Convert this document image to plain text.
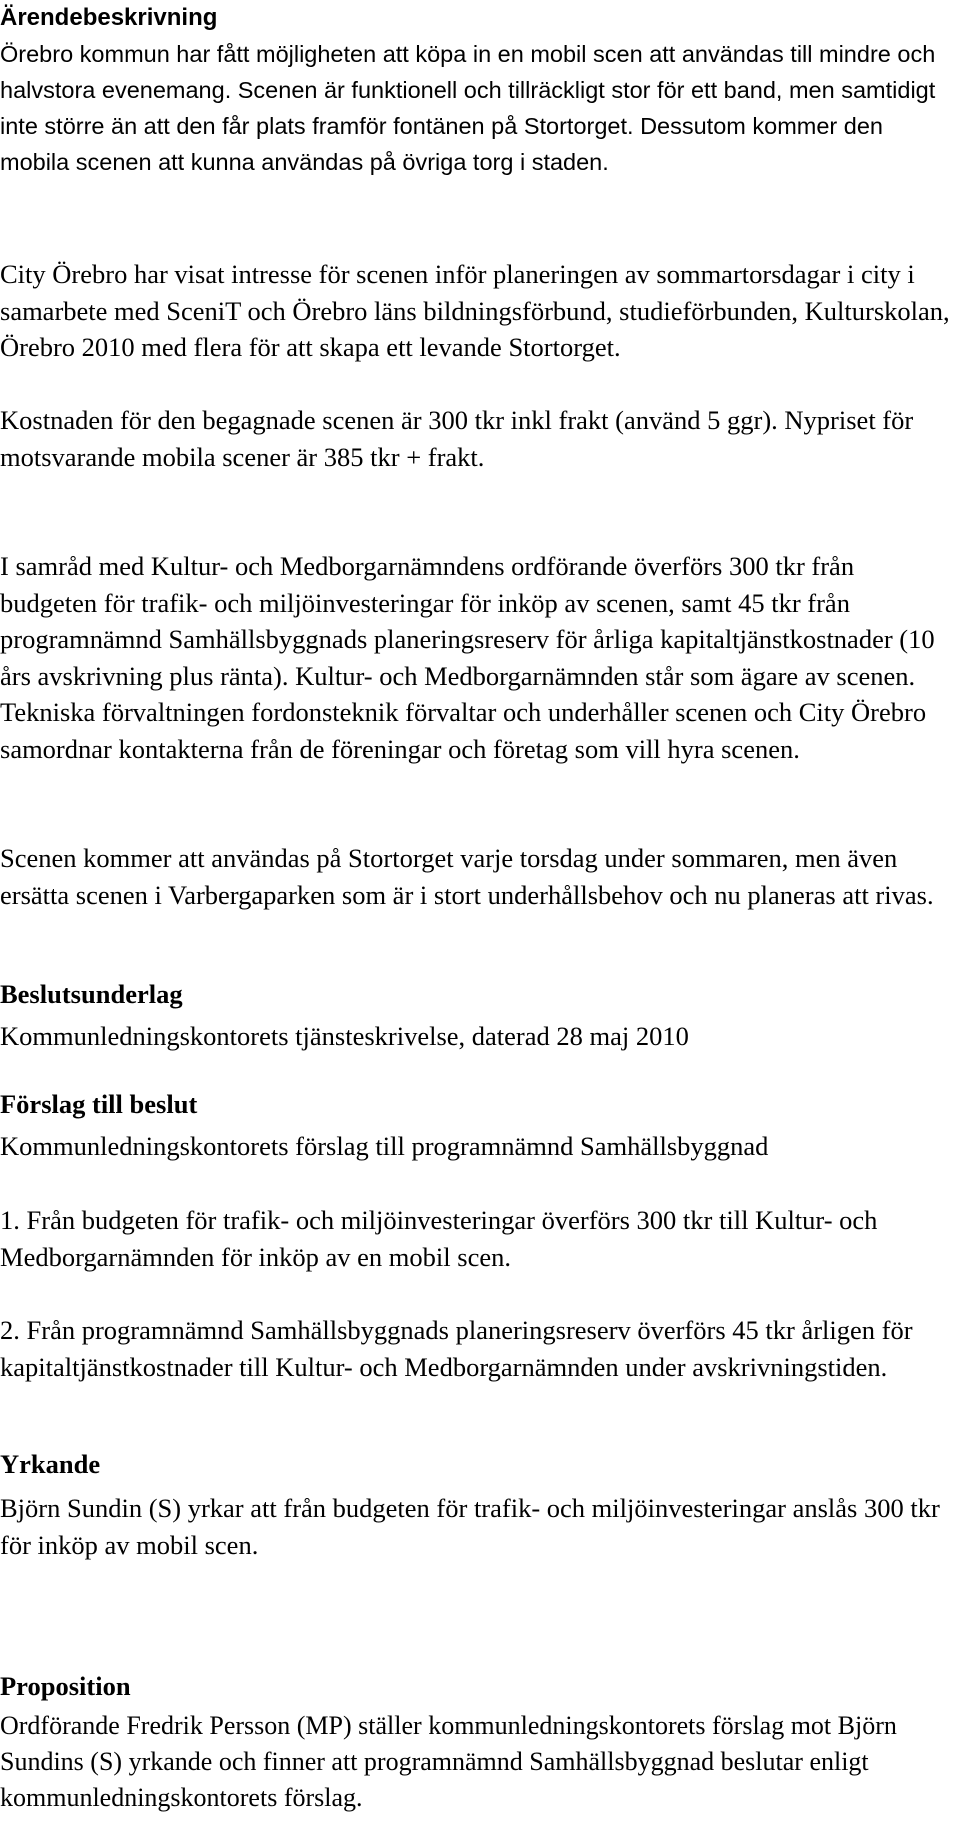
Ärendebeskrivning

Örebro kommun har fått möjligheten att köpa in en mobil scen att användas till mindre och halvstora evenemang. Scenen är funktionell och tillräckligt stor för ett band, men samtidigt inte större än att den får plats framför fontänen på Stortorget. Dessutom kommer den mobila scenen att kunna användas på övriga torg i staden.

City Örebro har visat intresse för scenen inför planeringen av sommartorsdagar i city i samarbete med SceniT och Örebro läns bildningsförbund, studieförbunden, Kulturskolan, Örebro 2010 med flera för att skapa ett levande Stortorget.

Kostnaden för den begagnade scenen är 300 tkr inkl frakt (använd 5 ggr). Nypriset för motsvarande mobila scener är 385 tkr + frakt.

I samråd med Kultur- och Medborgarnämndens ordförande överförs 300 tkr från budgeten för trafik- och miljöinvesteringar för inköp av scenen, samt 45 tkr från programnämnd Samhällsbyggnads planeringsreserv för årliga kapitaltjänstkostnader (10 års avskrivning plus ränta). Kultur- och Medborgarnämnden står som ägare av scenen. Tekniska förvaltningen fordonsteknik förvaltar och underhåller scenen och City Örebro samordnar kontakterna från de föreningar och företag som vill hyra scenen.

Scenen kommer att användas på Stortorget varje torsdag under sommaren, men även ersätta scenen i Varbergaparken som är i stort underhållsbehov och nu planeras att rivas.

Beslutsunderlag

Kommunledningskontorets tjänsteskrivelse, daterad 28 maj 2010

Förslag till beslut

Kommunledningskontorets förslag till programnämnd Samhällsbyggnad

1. Från budgeten för trafik- och miljöinvesteringar överförs 300 tkr till Kultur- och Medborgarnämnden för inköp av en mobil scen.

2. Från programnämnd Samhällsbyggnads planeringsreserv överförs 45 tkr årligen för kapitaltjänstkostnader till Kultur- och Medborgarnämnden under avskrivningstiden.

Yrkande

Björn Sundin (S) yrkar att från budgeten för trafik- och miljöinvesteringar anslås 300 tkr för inköp av mobil scen.

Proposition

Ordförande Fredrik Persson (MP) ställer kommunledningskontorets förslag mot Björn Sundins (S) yrkande och finner att programnämnd Samhällsbyggnad beslutar enligt kommunledningskontorets förslag.
